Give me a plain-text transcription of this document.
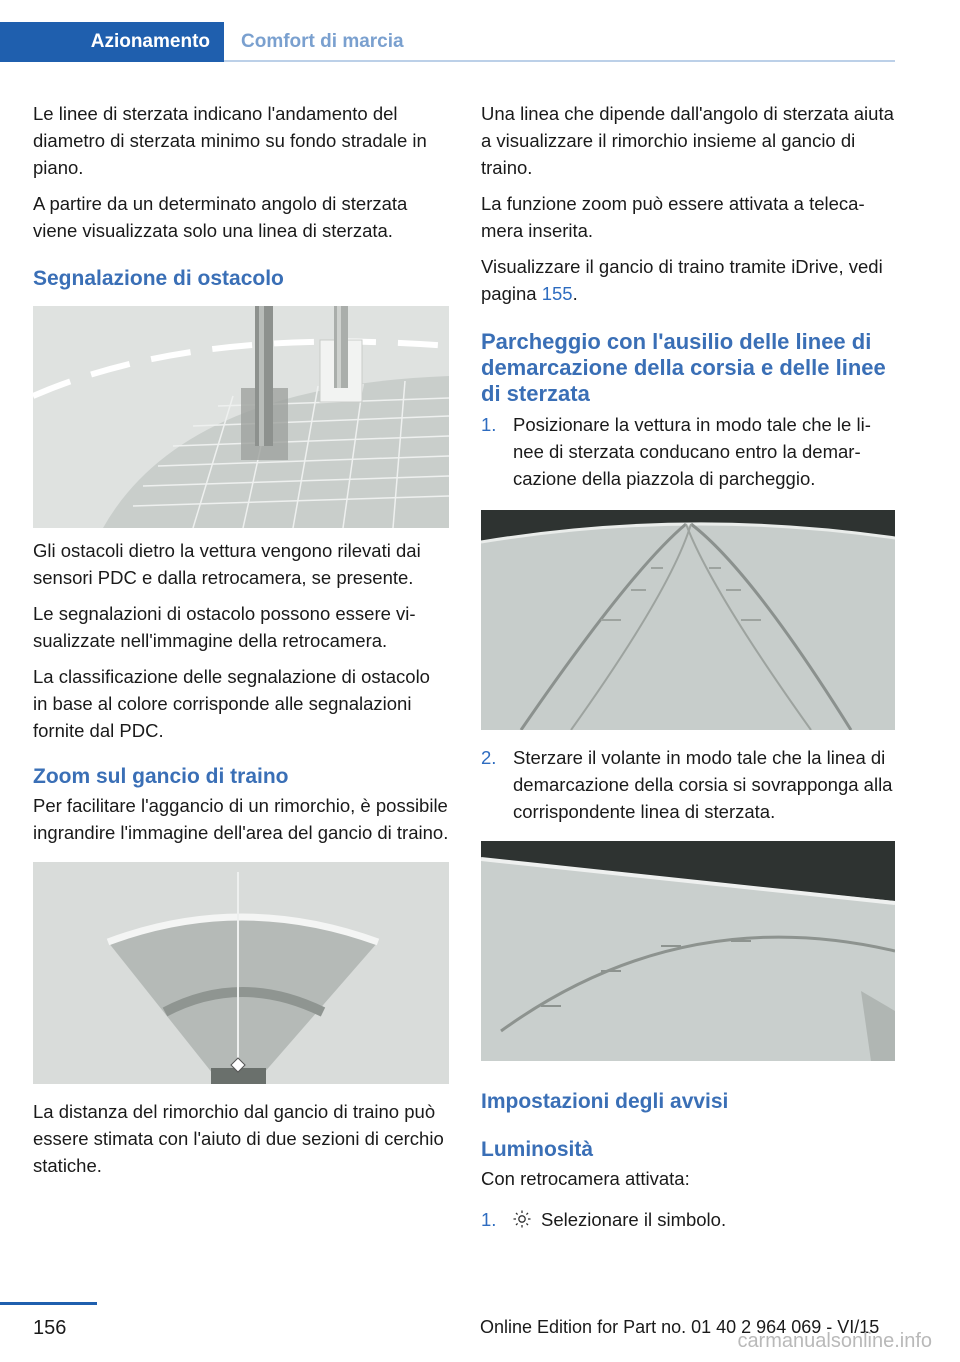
Azionamento	Comfort di marcia

Le linee di sterzata indicano l'andamento del diametro di sterzata minimo su fondo stradale in piano.

A partire da un determinato angolo di sterzata viene visualizzata solo una linea di sterzata.

Segnalazione di ostacolo

Gli ostacoli dietro la vettura vengono rilevati dai sensori PDC e dalla retrocamera, se presente.

Le segnalazioni di ostacolo possono essere visualizzate nell'immagine della retrocamera.

La classificazione delle segnalazione di ostacolo in base al colore corrisponde alle segnalazioni fornite dal PDC.

Zoom sul gancio di traino

Per facilitare l'aggancio di un rimorchio, è possibile ingrandire l'immagine dell'area del gancio di traino.

La distanza del rimorchio dal gancio di traino può essere stimata con l'aiuto di due sezioni di cerchio statiche.

Una linea che dipende dall'angolo di sterzata aiuta a visualizzare il rimorchio insieme al gancio di traino.

La funzione zoom può essere attivata a telecamera inserita.

Visualizzare il gancio di traino tramite iDrive, vedi pagina 155.

Parcheggio con l'ausilio delle linee di demarcazione della corsia e delle linee di sterzata
1. Posizionare la vettura in modo tale che le linee di sterzata conducano entro la demarcazione della piazzola di parcheggio.
2. Sterzare il volante in modo tale che la linea di demarcazione della corsia si sovrapponga alla corrispondente linea di sterzata.
Impostazioni degli avvisi
Luminosità

Con retrocamera attivata:

1. Selezionare il simbolo.
156	Online Edition for Part no. 01 40 2 964 069 - VI/15
carmanualsonline.info
